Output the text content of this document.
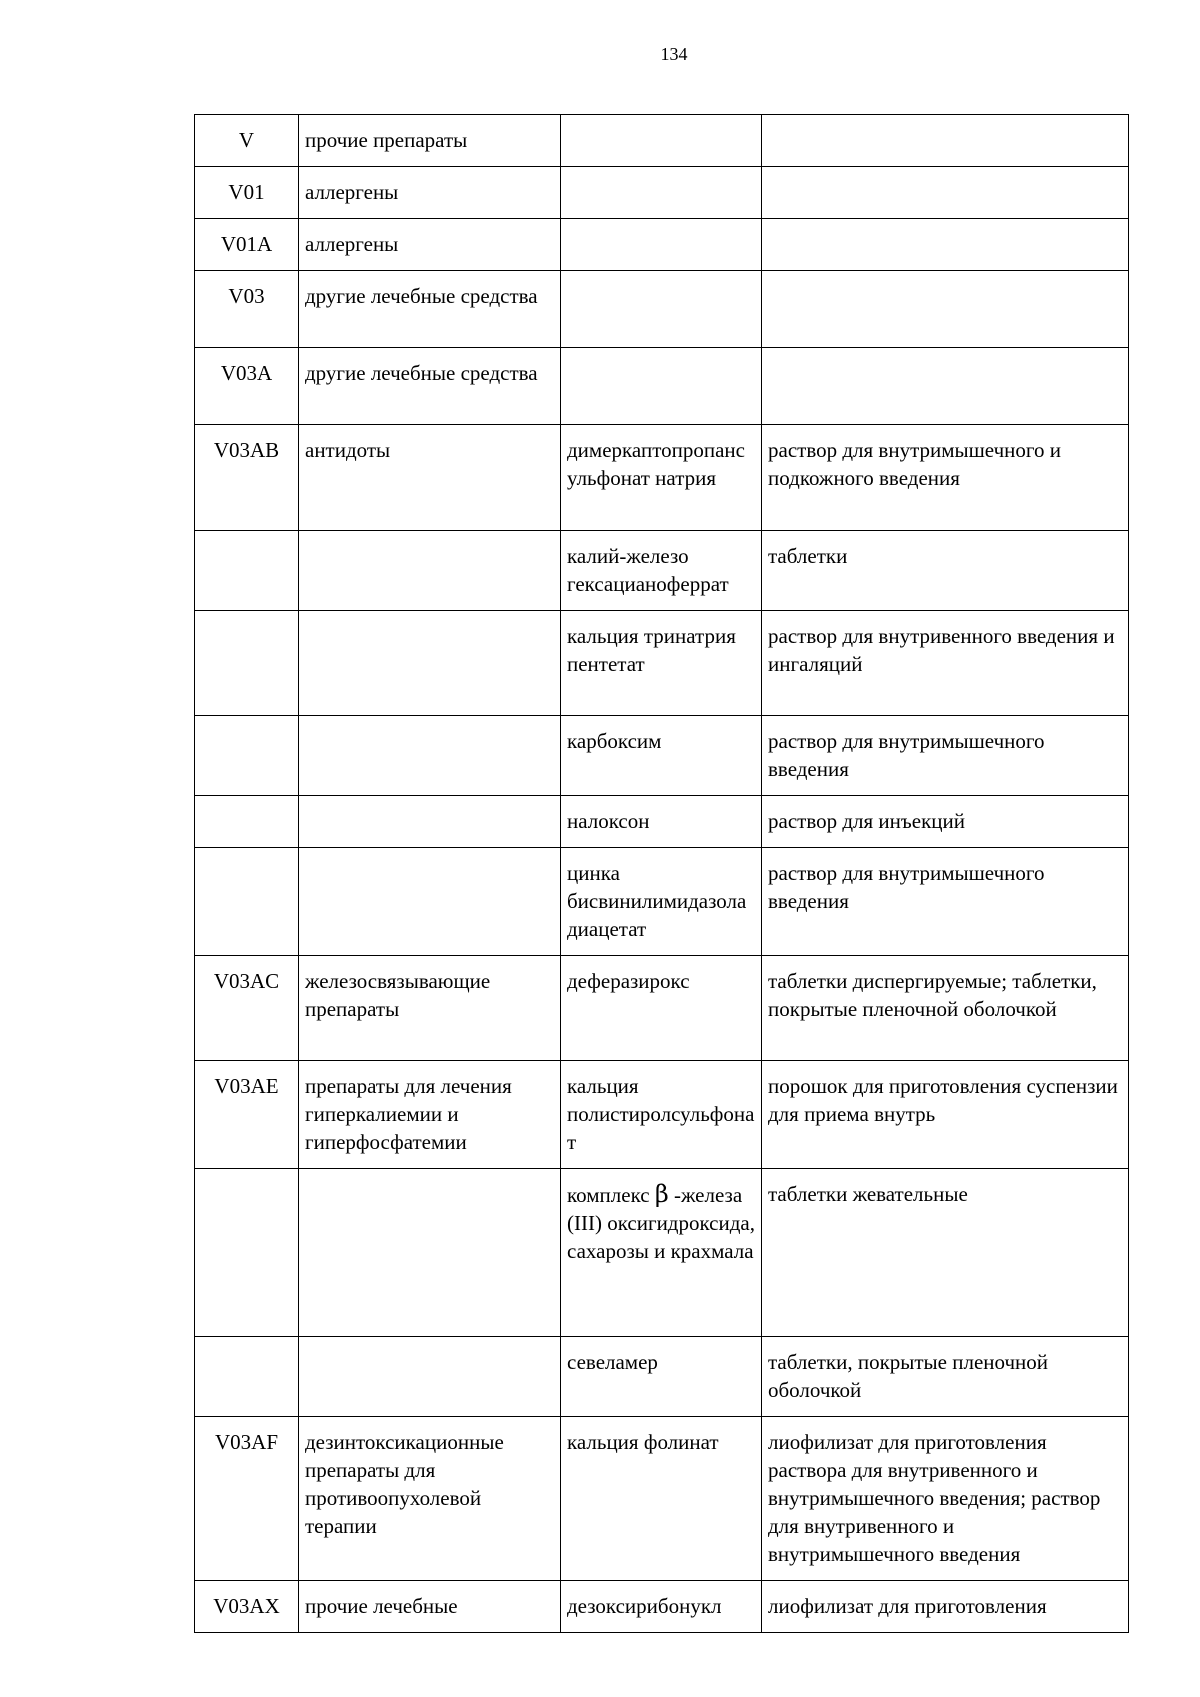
134
V	прочие препараты		
V01	аллергены		
V01A	аллергены		
V03	другие лечебные средства		
V03A	другие лечебные средства		
V03AB	антидоты	димеркаптопропансульфонат натрия	раствор для внутримышечного и подкожного введения
		калий-железо гексацианоферрат	таблетки
		кальция тринатрия пентетат	раствор для внутривенного введения и ингаляций
		карбоксим	раствор для внутримышечного введения
		налоксон	раствор для инъекций
		цинка бисвинилимидазола диацетат	раствор для внутримышечного введения
V03AC	железосвязывающие препараты	деферазирокс	таблетки диспергируемые; таблетки, покрытые пленочной оболочкой
V03AE	препараты для лечения гиперкалиемии и гиперфосфатемии	кальция полистиролсульфонат	порошок для приготовления суспензии для приема внутрь
		комплекс β -железа (III) оксигидроксида, сахарозы и крахмала	таблетки жевательные
		севеламер	таблетки, покрытые пленочной оболочкой
V03AF	дезинтоксикационные препараты для противоопухолевой терапии	кальция фолинат	лиофилизат для приготовления раствора для внутривенного и внутримышечного введения; раствор для внутривенного и внутримышечного введения
V03AX	прочие лечебные	дезоксирибонукл	лиофилизат для приготовления
